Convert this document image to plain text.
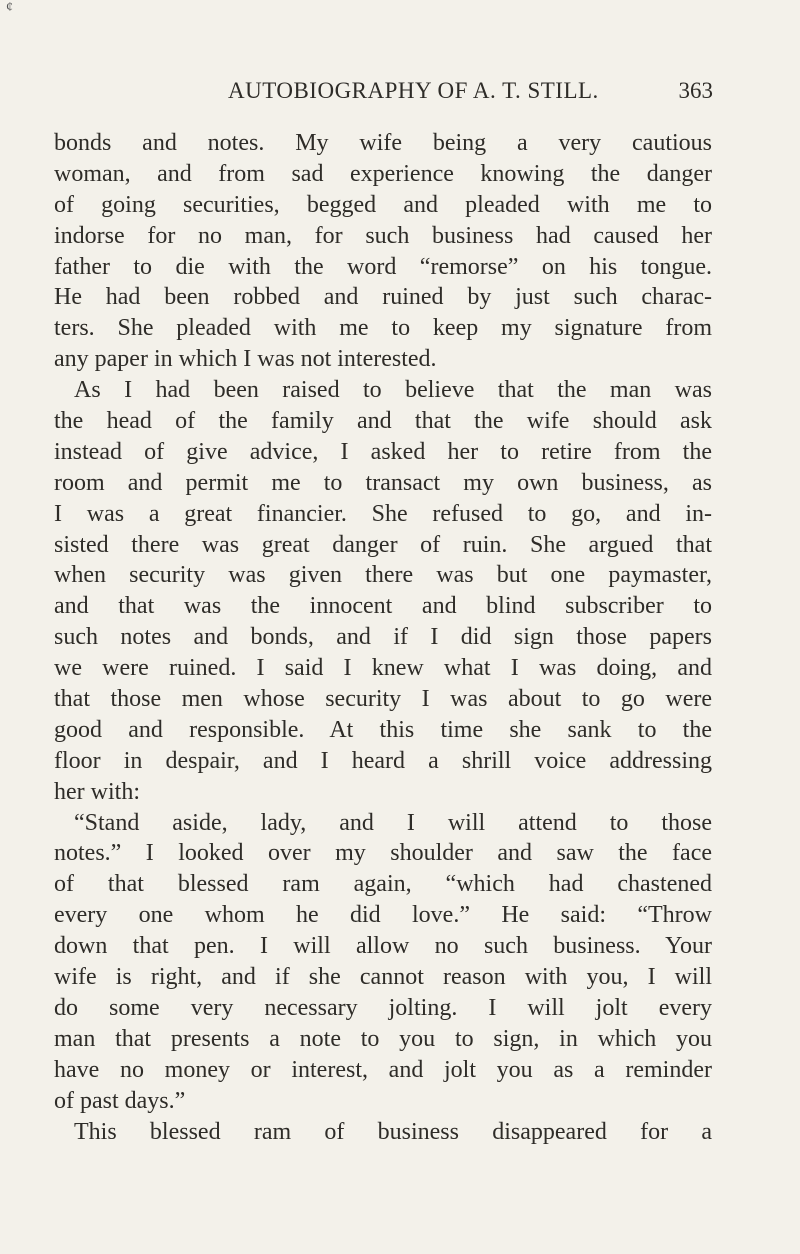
¢
AUTOBIOGRAPHY OF A. T. STILL.	363
bonds and notes. My wife being a very cautious
woman, and from sad experience knowing the danger
of going securities, begged and pleaded with me to
indorse for no man, for such business had caused her
father to die with the word “remorse” on his tongue.
He had been robbed and ruined by just such charac-
ters. She pleaded with me to keep my signature from
any paper in which I was not interested.
As I had been raised to believe that the man was
the head of the family and that the wife should ask
instead of give advice, I asked her to retire from the
room and permit me to transact my own business, as
I was a great financier. She refused to go, and in-
sisted there was great danger of ruin. She argued that
when security was given there was but one paymaster,
and that was the innocent and blind subscriber to
such notes and bonds, and if I did sign those papers
we were ruined. I said I knew what I was doing, and
that those men whose security I was about to go were
good and responsible. At this time she sank to the
floor in despair, and I heard a shrill voice addressing
her with:
“Stand aside, lady, and I will attend to those
notes.” I looked over my shoulder and saw the face
of that blessed ram again, “which had chastened
every one whom he did love.” He said: “Throw
down that pen. I will allow no such business. Your
wife is right, and if she cannot reason with you, I will
do some very necessary jolting. I will jolt every
man that presents a note to you to sign, in which you
have no money or interest, and jolt you as a reminder
of past days.”
This blessed ram of business disappeared for a
